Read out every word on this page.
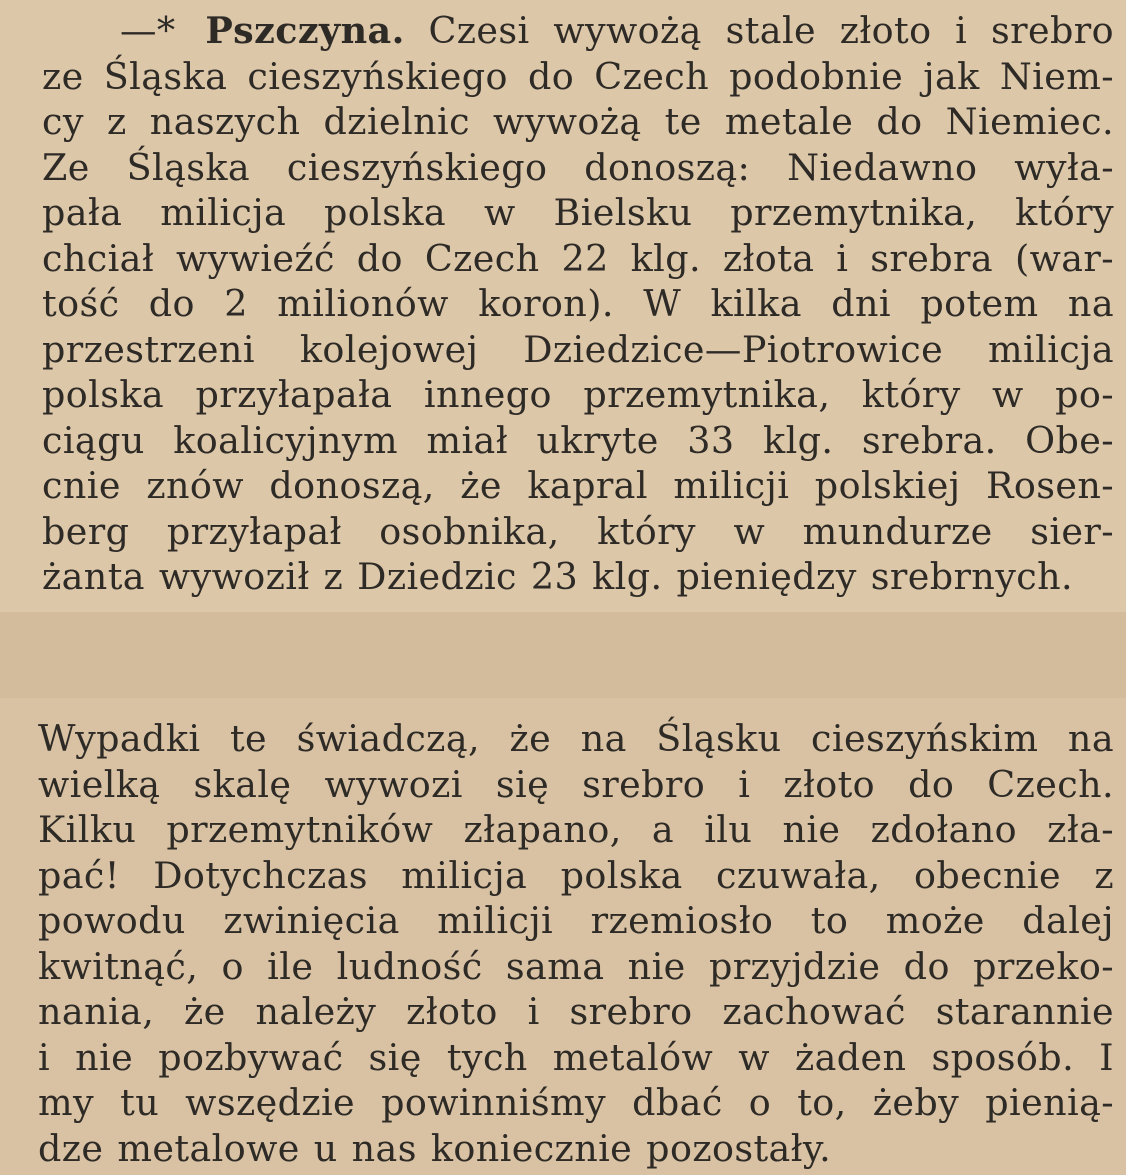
—* Pszczyna. Czesi wywożą stale złoto i srebro
ze Śląska cieszyńskiego do Czech podobnie jak Niem-
cy z naszych dzielnic wywożą te metale do Niemiec.
Ze Śląska cieszyńskiego donoszą: Niedawno wyła-
pała milicja polska w Bielsku przemytnika, który
chciał wywieźć do Czech 22 klg. złota i srebra (war-
tość do 2 milionów koron). W kilka dni potem na
przestrzeni kolejowej Dziedzice—Piotrowice milicja
polska przyłapała innego przemytnika, który w po-
ciągu koalicyjnym miał ukryte 33 klg. srebra. Obe-
cnie znów donoszą, że kapral milicji polskiej Rosen-
berg przyłapał osobnika, który w mundurze sier-
żanta wywoził z Dziedzic 23 klg. pieniędzy srebrnych.

Wypadki te świadczą, że na Śląsku cieszyńskim na
wielką skalę wywozi się srebro i złoto do Czech.
Kilku przemytników złapano, a ilu nie zdołano zła-
pać! Dotychczas milicja polska czuwała, obecnie z
powodu zwinięcia milicji rzemiosło to może dalej
kwitnąć, o ile ludność sama nie przyjdzie do przeko-
nania, że należy złoto i srebro zachować starannie
i nie pozbywać się tych metalów w żaden sposób. I
my tu wszędzie powinniśmy dbać o to, żeby pienią-
dze metalowe u nas koniecznie pozostały.
